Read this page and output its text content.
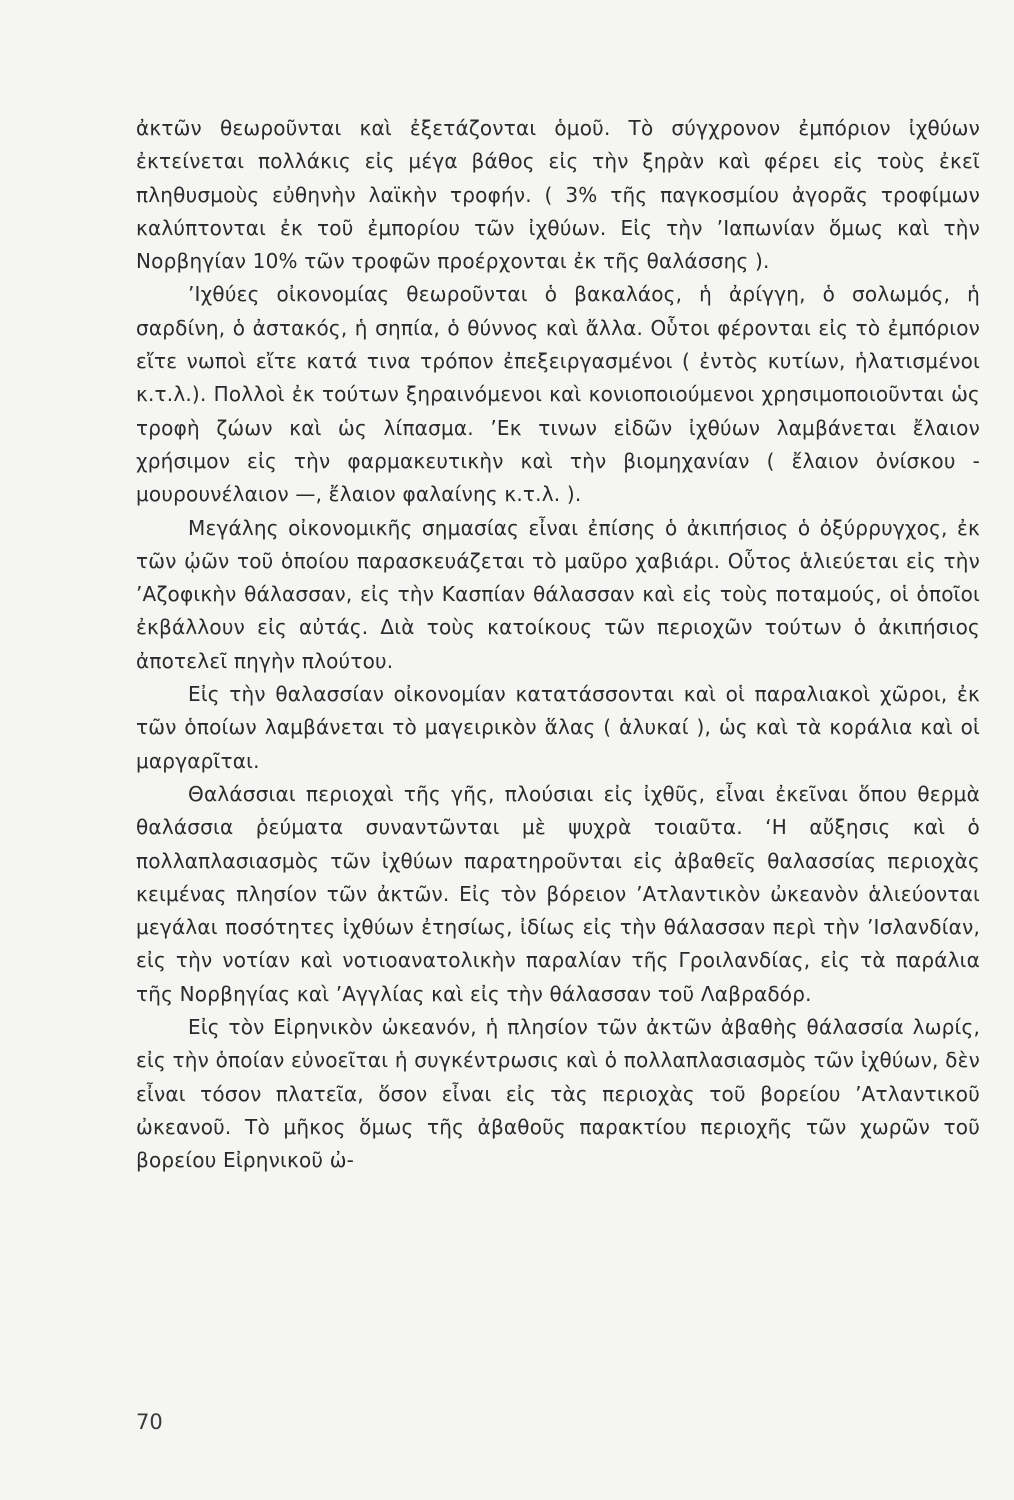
ἀκτῶν θεωροῦνται καὶ ἐξετάζονται ὁμοῦ. Τὸ σύγχρονον ἐμπόριον ἰχθύων ἐκτείνεται πολλάκις εἰς μέγα βάθος εἰς τὴν ξηρὰν καὶ φέρει εἰς τοὺς ἐκεῖ πληθυσμοὺς εὐθηνὴν λαϊκὴν τροφήν. ( 3% τῆς παγκοσμίου ἀγορᾶς τροφίμων καλύπτονται ἐκ τοῦ ἐμπορίου τῶν ἰχθύων. Εἰς τὴν ’Ιαπωνίαν ὅμως καὶ τὴν Νορβηγίαν 10% τῶν τροφῶν προέρχονται ἐκ τῆς θαλάσσης ).

’Ιχθύες οἰκονομίας θεωροῦνται ὁ βακαλάος, ἡ ἀρίγγη, ὁ σολωμός, ἡ σαρδίνη, ὁ ἀστακός, ἡ σηπία, ὁ θύννος καὶ ἄλλα. Οὗτοι φέρονται εἰς τὸ ἐμπόριον εἴτε νωποὶ εἴτε κατά τινα τρόπον ἐπεξειργασμένοι ( ἐντὸς κυτίων, ἡλατισμένοι κ.τ.λ.). Πολλοὶ ἐκ τούτων ξηραινόμενοι καὶ κονιοποιούμενοι χρησιμοποιοῦνται ὡς τροφὴ ζώων καὶ ὡς λίπασμα. ’Εκ τινων εἰδῶν ἰχθύων λαμβάνεται ἔλαιον χρήσιμον εἰς τὴν φαρμακευτικὴν καὶ τὴν βιομηχανίαν ( ἔλαιον ὀνίσκου - μουρουνέλαιον —, ἔλαιον φαλαίνης κ.τ.λ. ).

Μεγάλης οἰκονομικῆς σημασίας εἶναι ἐπίσης ὁ ἀκιπήσιος ὁ ὀξύρρυγχος, ἐκ τῶν ᾠῶν τοῦ ὁποίου παρασκευάζεται τὸ μαῦρο χαβιάρι. Οὗτος ἁλιεύεται εἰς τὴν ’Αζοφικὴν θάλασσαν, εἰς τὴν Κασπίαν θάλασσαν καὶ εἰς τοὺς ποταμούς, οἱ ὁποῖοι ἐκβάλλουν εἰς αὐτάς. Διὰ τοὺς κατοίκους τῶν περιοχῶν τούτων ὁ ἀκιπήσιος ἀποτελεῖ πηγὴν πλούτου.

Εἰς τὴν θαλασσίαν οἰκονομίαν κατατάσσονται καὶ οἱ παραλιακοὶ χῶροι, ἐκ τῶν ὁποίων λαμβάνεται τὸ μαγειρικὸν ἅλας ( ἁλυκαί ), ὡς καὶ τὰ κοράλια καὶ οἱ μαργαρῖται.

Θαλάσσιαι περιοχαὶ τῆς γῆς, πλούσιαι εἰς ἰχθῦς, εἶναι ἐκεῖναι ὅπου θερμὰ θαλάσσια ῥεύματα συναντῶνται μὲ ψυχρὰ τοιαῦτα. ‘Η αὔξησις καὶ ὁ πολλαπλασιασμὸς τῶν ἰχθύων παρατηροῦνται εἰς ἀβαθεῖς θαλασσίας περιοχὰς κειμένας πλησίον τῶν ἀκτῶν. Εἰς τὸν βόρειον ’Ατλαντικὸν ὠκεανὸν ἁλιεύονται μεγάλαι ποσότητες ἰχθύων ἐτησίως, ἰδίως εἰς τὴν θάλασσαν περὶ τὴν ’Ισλανδίαν, εἰς τὴν νοτίαν καὶ νοτιοανατολικὴν παραλίαν τῆς Γροιλανδίας, εἰς τὰ παράλια τῆς Νορβηγίας καὶ ’Αγγλίας καὶ εἰς τὴν θάλασσαν τοῦ Λαβραδόρ.

Εἰς τὸν Εἰρηνικὸν ὠκεανόν, ἡ πλησίον τῶν ἀκτῶν ἀβαθὴς θάλασσία λωρίς, εἰς τὴν ὁποίαν εὐνοεῖται ἡ συγκέντρωσις καὶ ὁ πολλαπλασιασμὸς τῶν ἰχθύων, δὲν εἶναι τόσον πλατεῖα, ὅσον εἶναι εἰς τὰς περιοχὰς τοῦ βορείου ’Ατλαντικοῦ ὠκεανοῦ. Τὸ μῆκος ὅμως τῆς ἀβαθοῦς παρακτίου περιοχῆς τῶν χωρῶν τοῦ βορείου Εἰρηνικοῦ ὠ-

70
